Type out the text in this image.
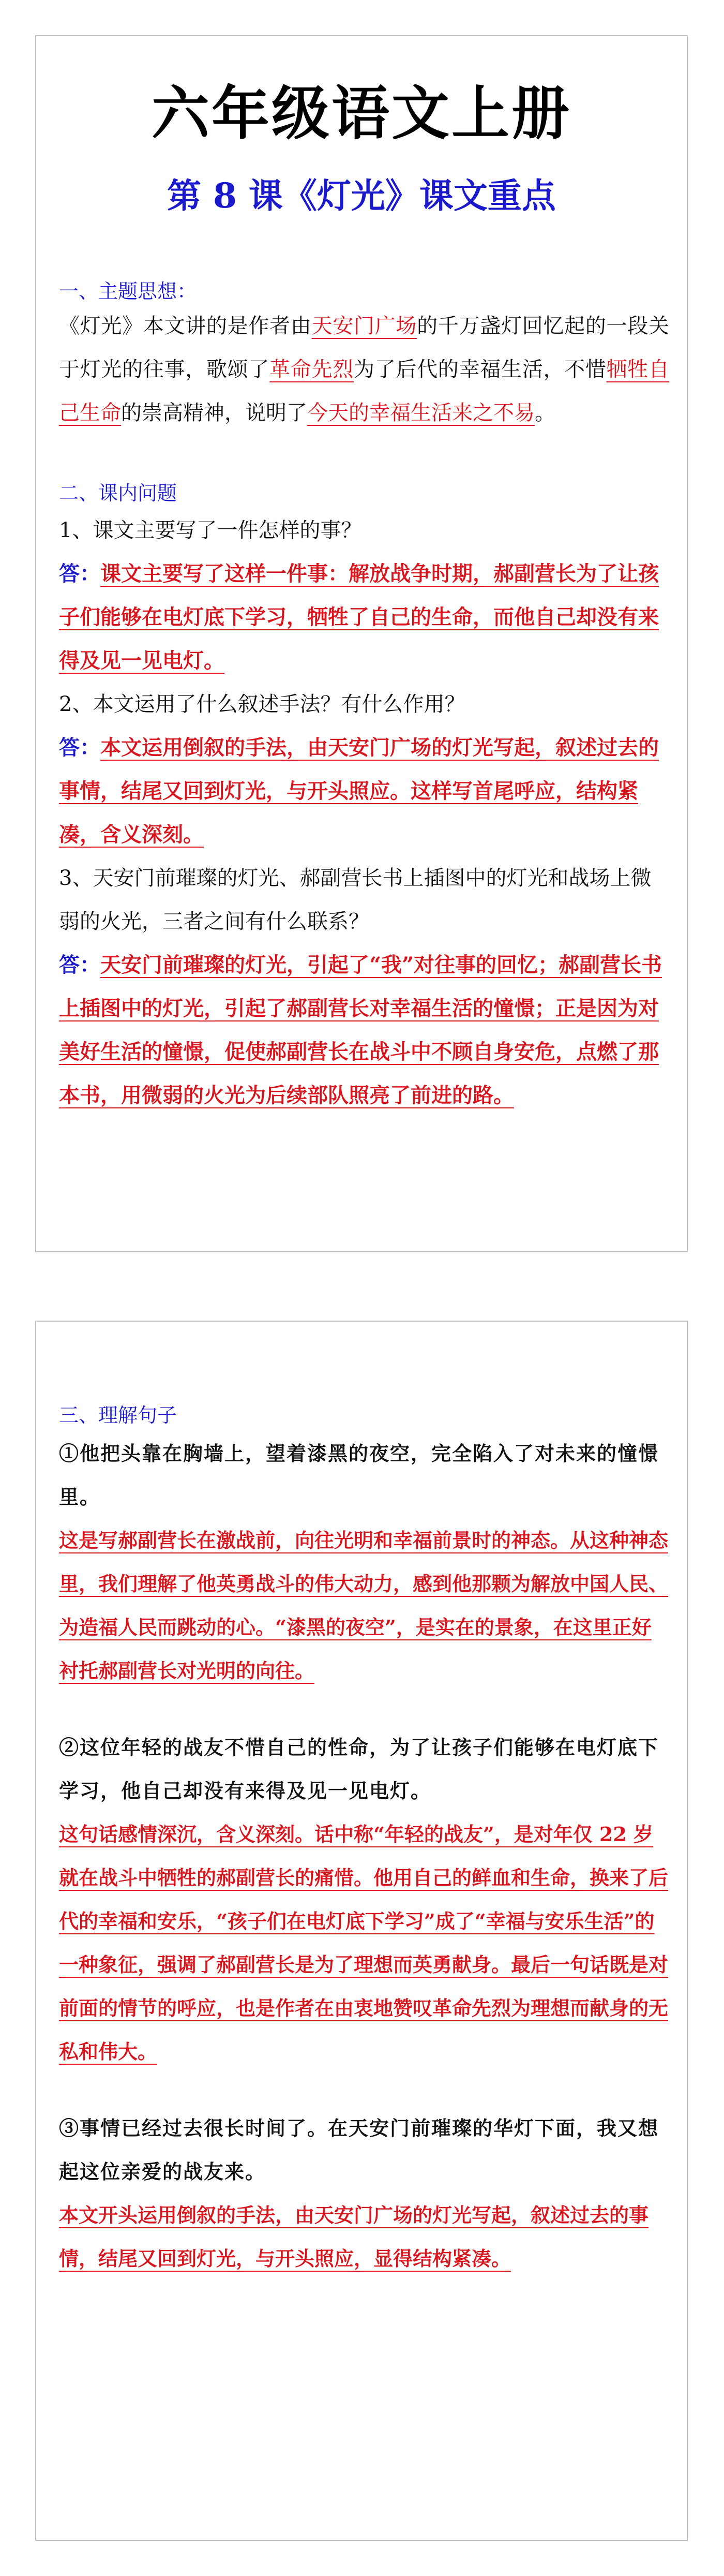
六年级语文上册
第 8 课《灯光》课文重点

一、主题思想：

《灯光》本文讲的是作者由天安门广场的千万盏灯回忆起的一段关于灯光的往事，歌颂了革命先烈为了后代的幸福生活，不惜牺牲自己生命的崇高精神，说明了今天的幸福生活来之不易。

二、课内问题

1、课文主要写了一件怎样的事？

答：课文主要写了这样一件事：解放战争时期，郝副营长为了让孩子们能够在电灯底下学习，牺牲了自己的生命，而他自己却没有来得及见一见电灯。

2、本文运用了什么叙述手法？有什么作用？

答：本文运用倒叙的手法，由天安门广场的灯光写起，叙述过去的事情，结尾又回到灯光，与开头照应。这样写首尾呼应，结构紧凑，含义深刻。

3、天安门前璀璨的灯光、郝副营长书上插图中的灯光和战场上微弱的火光，三者之间有什么联系？

答：天安门前璀璨的灯光，引起了“我”对往事的回忆；郝副营长书上插图中的灯光，引起了郝副营长对幸福生活的憧憬；正是因为对美好生活的憧憬，促使郝副营长在战斗中不顾自身安危，点燃了那本书，用微弱的火光为后续部队照亮了前进的路。

三、理解句子

①他把头靠在胸墙上，望着漆黑的夜空，完全陷入了对未来的憧憬里。

这是写郝副营长在激战前，向往光明和幸福前景时的神态。从这种神态里，我们理解了他英勇战斗的伟大动力，感到他那颗为解放中国人民、为造福人民而跳动的心。“漆黑的夜空”，是实在的景象，在这里正好衬托郝副营长对光明的向往。

②这位年轻的战友不惜自己的性命，为了让孩子们能够在电灯底下学习，他自己却没有来得及见一见电灯。

这句话感情深沉，含义深刻。话中称“年轻的战友”，是对年仅 22 岁就在战斗中牺牲的郝副营长的痛惜。他用自己的鲜血和生命，换来了后代的幸福和安乐，“孩子们在电灯底下学习”成了“幸福与安乐生活”的一种象征，强调了郝副营长是为了理想而英勇献身。最后一句话既是对前面的情节的呼应，也是作者在由衷地赞叹革命先烈为理想而献身的无私和伟大。

③事情已经过去很长时间了。在天安门前璀璨的华灯下面，我又想起这位亲爱的战友来。

本文开头运用倒叙的手法，由天安门广场的灯光写起，叙述过去的事情，结尾又回到灯光，与开头照应，显得结构紧凑。
